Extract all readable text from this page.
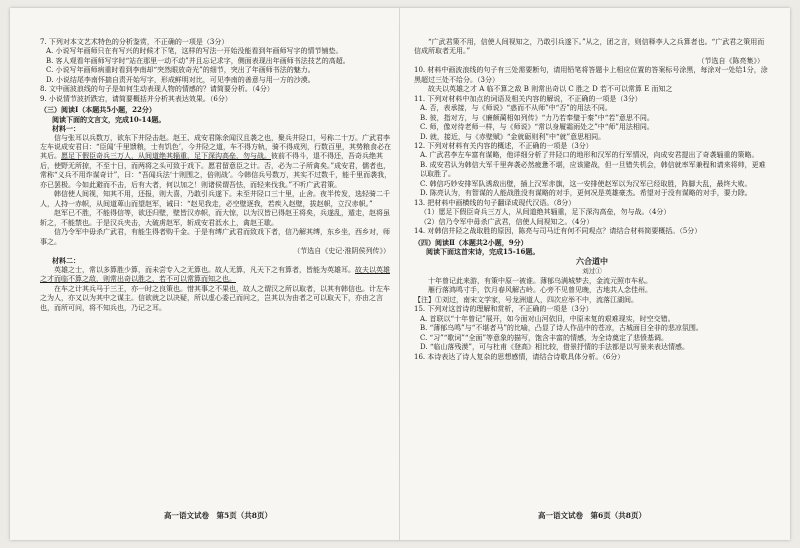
7. 下列对本文艺术特色的分析鉴赏，不正确的一项是（3分）

A. 小说写年画师只在有写兴的时候才下笔，这样的写法一开始没能看到年画师写字的情节铺垫。

B. 客人观看年画师写字时“站在那里一动不动”并且忘记求字，侧面表现出年画师书法技艺的高超。

C. 小说写年画师病重时看到李南却“突然眼放奇光”的细节，突出了年画师书法的魅力。

D. 小说结尾李南怀揣自责开始写字，形成鲜明对比，可见李南的善意与用一方的沙漠。

8. 文中画波浪线的句子是如何生动表现人物的情感的？请简要分析。（4分）

9. 小说情节波折跌宕，请简要概括并分析其表达效果。（6分）

（三）阅读Ⅰ（本题共5小题，22分）

阅读下面的文言文，完成10-14题。

材料一：

信与张耳以兵数万，欲东下井陉击赵。赵王、成安君陈余闻汉且袭之也，聚兵井陉口，号称二十万。广武君李左车说成安君曰：“臣闻‘千里馈粮，士有饥色’，今井陉之道，车不得方轨，骑不得成列，行数百里，其势粮食必在其后。愿足下假臣奇兵三万人，从间道绝其辎重，足下深沟高垒，勿与战。彼前不得斗，退不得还，吾奇兵绝其后，使野无所掠，不至十日，而两将之头可致于戏下。愿君留意臣之计。否，必为二子所禽矣。”成安君，儒者也，常称“义兵不用诈谋奇计”，曰：“吾闻兵法‘十则围之，倍则战’。今韩信兵号数万，其实不过数千，能千里而袭我，亦已罢极。今如此避而不击，后有大者，何以加之！则诸侯谓吾怯，而轻来伐我。”不听广武君策。

韩信使人间视，知其不用，还报，则大喜，乃敢引兵遂下。未至井陉口三十里，止舍。夜半传发，选轻骑二千人，人持一赤帜，从间道萆山而望赵军，诫曰：“赵见我走，必空壁逐我，若疾入赵壁，拔赵帜，立汉赤帜。”

赵军已不胜，不能得信等，欲还归壁，壁皆汉赤帜，而大惊，以为汉皆已得赵王将矣，兵遂乱，遁走，赵将虽斩之，不能禁也。于是汉兵夹击，大破虏赵军，斩成安君泜水上，禽赵王歇。

信乃令军中毋杀广武君，有能生得者购千金。于是有缚广武君而致戏下者，信乃解其缚，东乡坐，西乡对，师事之。

（节选自《史记·淮阴侯列传》）

材料二：

英雄之士，常以多算胜少算，而未尝专入之无算也。故人无算，凡天下之有算者，皆能为英雄耳。故夫以英雄之才而临不算之敌，则常出奇以胜之，若不可以常算而知之也。

在车之计其兵马于三王，亦一时之良策也。惜其事之不果也，故人之谓汉之所以取者，以其有韩信也。计左车之为人，亦又以为其中之谋主。信欲就之以决疑，所以虚心委己而问之，岂其以为由者之可以取天下，亦由之言也，而所可问，将不知兵也，乃记之耳。

“广武君策不用，信使人间视知之，乃敢引兵遂下。”从之，团之言，则信释李人之兵算者也。“广武君之策用而信成所取者无用。”

（节选自《陈亮集》）

10. 材料中画波浪线的句子有三处需要断句，请用铅笔将答题卡上相应位置的答案标号涂黑，每涂对一处给1分，涂黑超过三处不给分。（3分）

故夫以英雄之才 A 临不算之敌 B 则常出奇以 C 胜之 D 若不可以常算 E 而知之

11. 下列对材料中加点的词语及相关内容的解说，不正确的一项是（3分）

A. 否，表承接，与《师说》“惑而不从师”中“否”的用法不同。

B. 彼，指对方，与《廉颇蔺相如列传》“力乃若奉璧于秦”中“若”意思不同。

C. 师，像对待老师一样，与《师说》“常以身履霜雨处之”中“师”用法相同。

D. 就，接近，与《赤壁赋》“金就砺则利”中“就”意思相同。

12. 下列对材料有关内容的概述，不正确的一项是（3分）

A. 广武君李左车富有谋略，他详细分析了井陉口的地形和汉军的行军情况，向成安君提出了奇袭辎重的策略。

B. 成安君认为韩信大军千里奔袭必然疲惫不堪，应该避战，但一旦错失机会，韩信就率军兼程和请来将帅，更难以取胜了。

C. 韩信巧妙安排军队诱敌出壁，插上汉军赤旗，这一安排使赵军以为汉军已经取胜，阵脚大乱，最终大败。

D. 陈亮认为，有智谋的人能战胜没有谋略的对手，更何况是英雄豪杰。希望对于没有谋略的对手，要力除。

13. 把材料中画横线的句子翻译成现代汉语。（8分）

（1）愿足下假臣奇兵三万人，从间道绝其辎重，足下深沟高垒，勿与战。（4分）

（2）信乃令军中毋杀广武君，信使人间视知之。（4分）

14. 对韩信井陉之战取胜的原因，陈亮与司马迁有何不同观点？请结合材料简要概括。（5分）

（四）阅读Ⅱ（本题共2小题，9分）

阅读下面这首宋诗，完成15-16题。

六合道中

刘过①

十年曾记此来游，有策中原一被谁。薄郁乌满城梦去，金流元照市车私。

雁行落鸿鸣寸手，饮月春风解古岭。心旁不见曾见晚，古地共人念佳州。

【注】①刘过，南宋文学家，号龙洲道人，四次应举不中，流落江湖间。

15. 下列对这首诗的理解和赏析，不正确的一项是（3分）

A. 首联以“十年曾记”展开，如今面对山河依旧，中原未复的艰难现实，时空交错。

B. “薄郁乌鸣”与“不堪者马”的比喻，凸显了诗人作品中的苍凉，古城面目全非的悲凉氛围。

C. “习”“歌词”“全面”等意象的描写，饱含丰富的情感，为全诗奠定了悲愤基调。

D. “临山落残漠”，可与杜甫《登高》相比较，借景抒情的手法都是以写景来表达情感。

16. 本诗表达了诗人复杂的思想感情，请结合诗歌具体分析。（6分）

高一语文试卷　第5页（共8页）	高一语文试卷　第6页（共8页）
